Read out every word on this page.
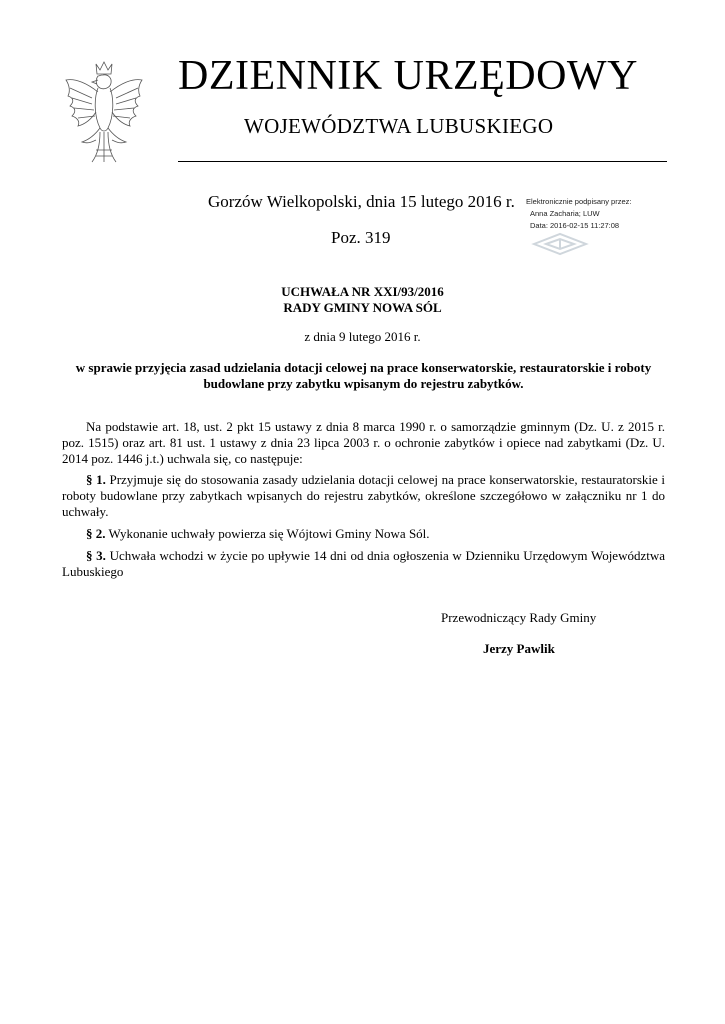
DZIENNIK URZĘDOWY
WOJEWÓDZTWA LUBUSKIEGO
Gorzów Wielkopolski, dnia 15 lutego 2016 r.
Poz. 319
Elektronicznie podpisany przez:
Anna Zacharia; LUW
Data: 2016-02-15 11:27:08
UCHWAŁA NR XXI/93/2016
RADY GMINY NOWA SÓL
z dnia 9 lutego 2016 r.
w sprawie przyjęcia zasad udzielania dotacji celowej na prace konserwatorskie, restauratorskie i roboty
budowlane przy zabytku wpisanym do rejestru zabytków.
Na podstawie art. 18, ust. 2 pkt 15 ustawy z dnia 8 marca 1990 r. o samorządzie gminnym (Dz. U. z 2015 r. poz. 1515) oraz art. 81 ust. 1 ustawy z dnia 23 lipca 2003 r. o ochronie zabytków i opiece nad zabytkami (Dz. U. 2014 poz. 1446 j.t.) uchwala się, co następuje:
§ 1. Przyjmuje się do stosowania zasady udzielania dotacji celowej na prace konserwatorskie, restauratorskie i roboty budowlane przy zabytkach wpisanych do rejestru zabytków, określone szczegółowo w załączniku nr 1 do uchwały.
§ 2. Wykonanie uchwały powierza się Wójtowi Gminy Nowa Sól.
§ 3. Uchwała wchodzi w życie po upływie 14 dni od dnia ogłoszenia w Dzienniku Urzędowym Województwa Lubuskiego
Przewodniczący Rady Gminy
Jerzy Pawlik
